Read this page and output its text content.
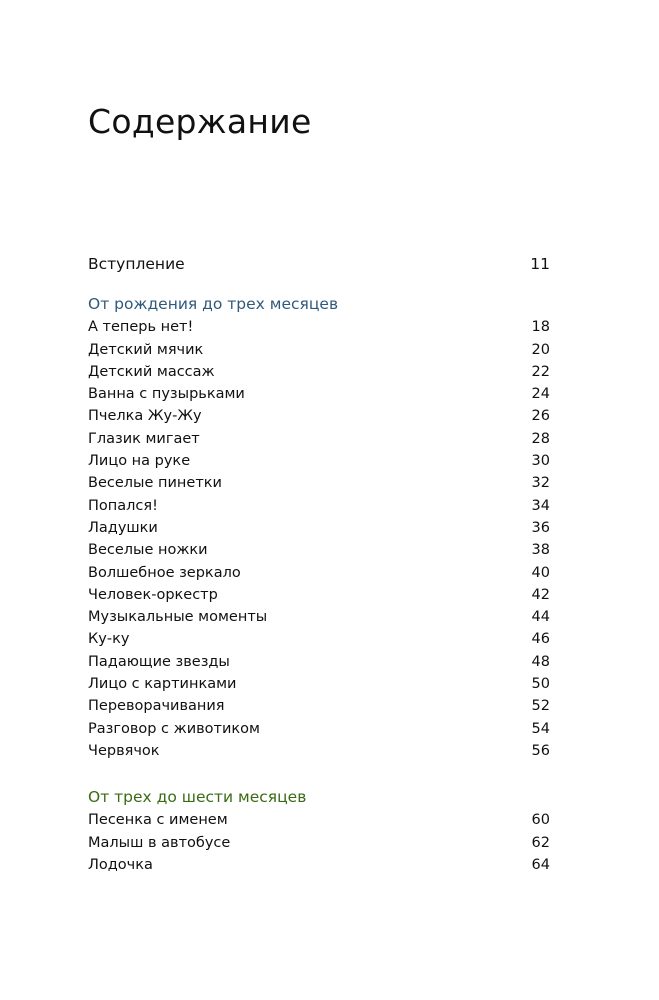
Содержание
Вступление	11
От рождения до трех месяцев
А теперь нет!	18
Детский мячик	20
Детский массаж	22
Ванна с пузырьками	24
Пчелка Жу-Жу	26
Глазик мигает	28
Лицо на руке	30
Веселые пинетки	32
Попался!	34
Ладушки	36
Веселые ножки	38
Волшебное зеркало	40
Человек-оркестр	42
Музыкальные моменты	44
Ку-ку	46
Падающие звезды	48
Лицо с картинками	50
Переворачивания	52
Разговор с животиком	54
Червячок	56
От трех до шести месяцев
Песенка с именем	60
Малыш в автобусе	62
Лодочка	64
